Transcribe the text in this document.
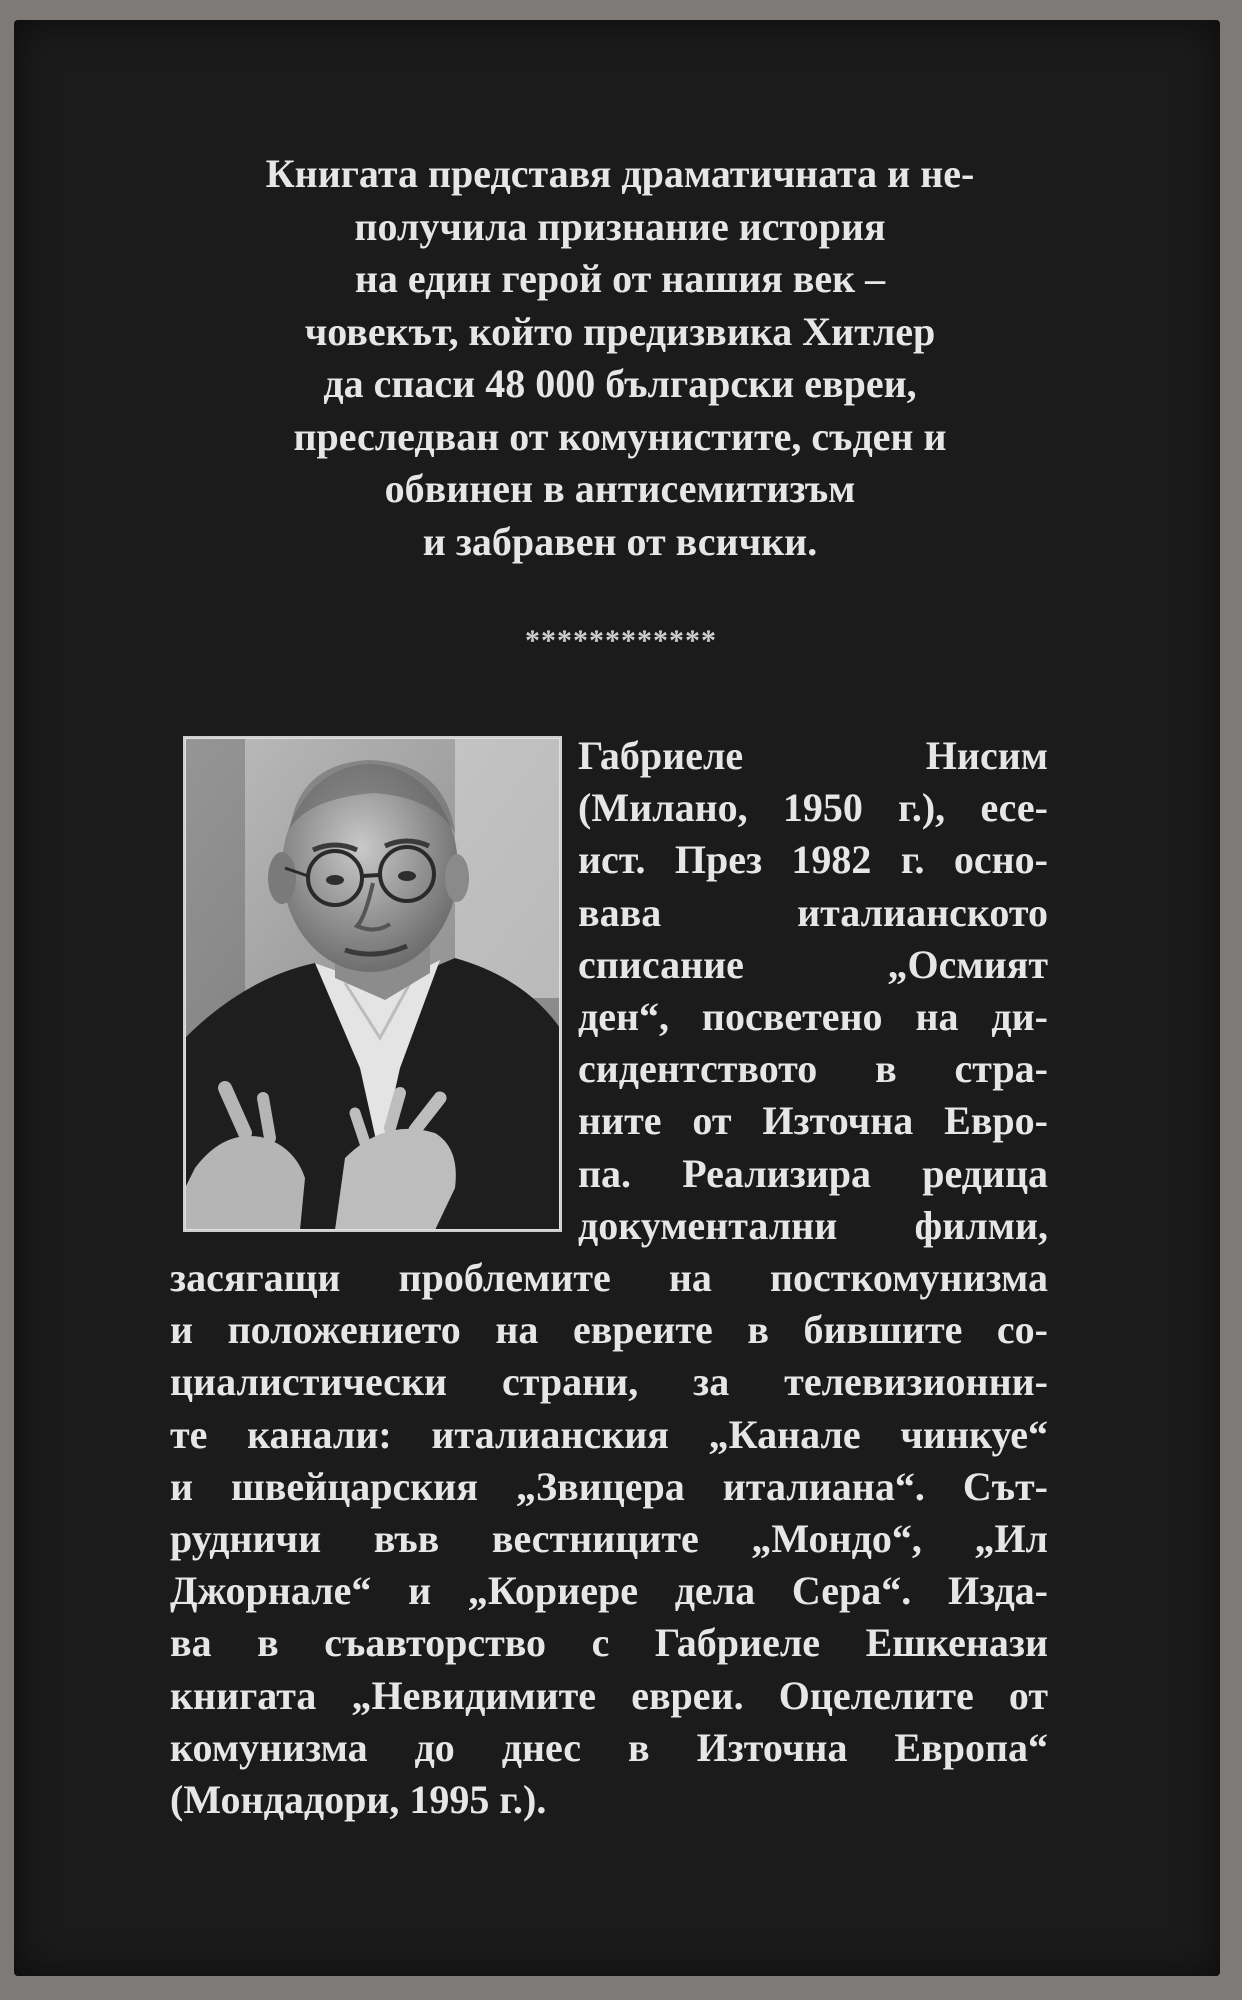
Книгата представя драматичната и не-
получила признание история
на един герой от нашия век –
човекът, който предизвика Хитлер
да спаси 48 000 български евреи,
преследван от комунистите, съден и
обвинен в антисемитизъм
и забравен от всички.
************
Габриеле Нисим
(Милано, 1950 г.), есе-
ист. През 1982 г. осно-
вава италианското
списание „Осмият
ден“, посветено на ди-
сидентството в стра-
ните от Източна Евро-
па. Реализира редица
документални филми,
засягащи проблемите на посткомунизма
и положението на евреите в бившите со-
циалистически страни, за телевизионни-
те канали: италианския „Канале чинкуе“
и швейцарския „Звицера италиана“. Сът-
рудничи във вестниците „Мондо“, „Ил
Джорнале“ и „Кориере дела Сера“. Изда-
ва в съавторство с Габриеле Ешкенази
книгата „Невидимите евреи. Оцелелите от
комунизма до днес в Източна Европа“
(Мондадори, 1995 г.).
